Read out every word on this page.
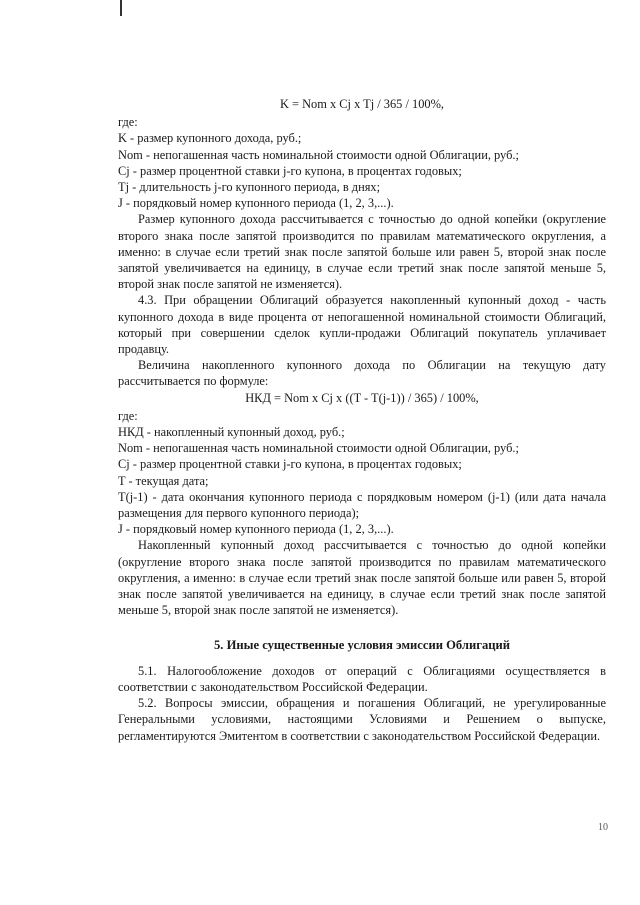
K = Nom x Cj x Tj / 365 / 100%,

где:

K - размер купонного дохода, руб.;

Nom - непогашенная часть номинальной стоимости одной Облигации, руб.;

Cj - размер процентной ставки j-го купона, в процентах годовых;

Tj - длительность j-го купонного периода, в днях;

J - порядковый номер купонного периода (1, 2, 3,...).

Размер купонного дохода рассчитывается с точностью до одной копейки (округление второго знака после запятой производится по правилам математического округления, а именно: в случае если третий знак после запятой больше или равен 5, второй знак после запятой увеличивается на единицу, в случае если третий знак после запятой меньше 5, второй знак после запятой не изменяется).

4.3. При обращении Облигаций образуется накопленный купонный доход - часть купонного дохода в виде процента от непогашенной номинальной стоимости Облигаций, который при совершении сделок купли-продажи Облигаций покупатель уплачивает продавцу.

Величина накопленного купонного дохода по Облигации на текущую дату рассчитывается по формуле:

НКД = Nom x Cj x ((T - T(j-1)) / 365) / 100%,

где:

НКД - накопленный купонный доход, руб.;

Nom - непогашенная часть номинальной стоимости одной Облигации, руб.;

Cj - размер процентной ставки j-го купона, в процентах годовых;

T - текущая дата;

T(j-1) - дата окончания купонного периода с порядковым номером (j-1) (или дата начала размещения для первого купонного периода);

J - порядковый номер купонного периода (1, 2, 3,...).

Накопленный купонный доход рассчитывается с точностью до одной копейки (округление второго знака после запятой производится по правилам математического округления, а именно: в случае если третий знак после запятой больше или равен 5, второй знак после запятой увеличивается на единицу, в случае если третий знак после запятой меньше 5, второй знак после запятой не изменяется).

5. Иные существенные условия эмиссии Облигаций

5.1. Налогообложение доходов от операций с Облигациями осуществляется в соответствии с законодательством Российской Федерации.

5.2. Вопросы эмиссии, обращения и погашения Облигаций, не урегулированные Генеральными условиями, настоящими Условиями и Решением о выпуске, регламентируются Эмитентом в соответствии с законодательством Российской Федерации.

10
